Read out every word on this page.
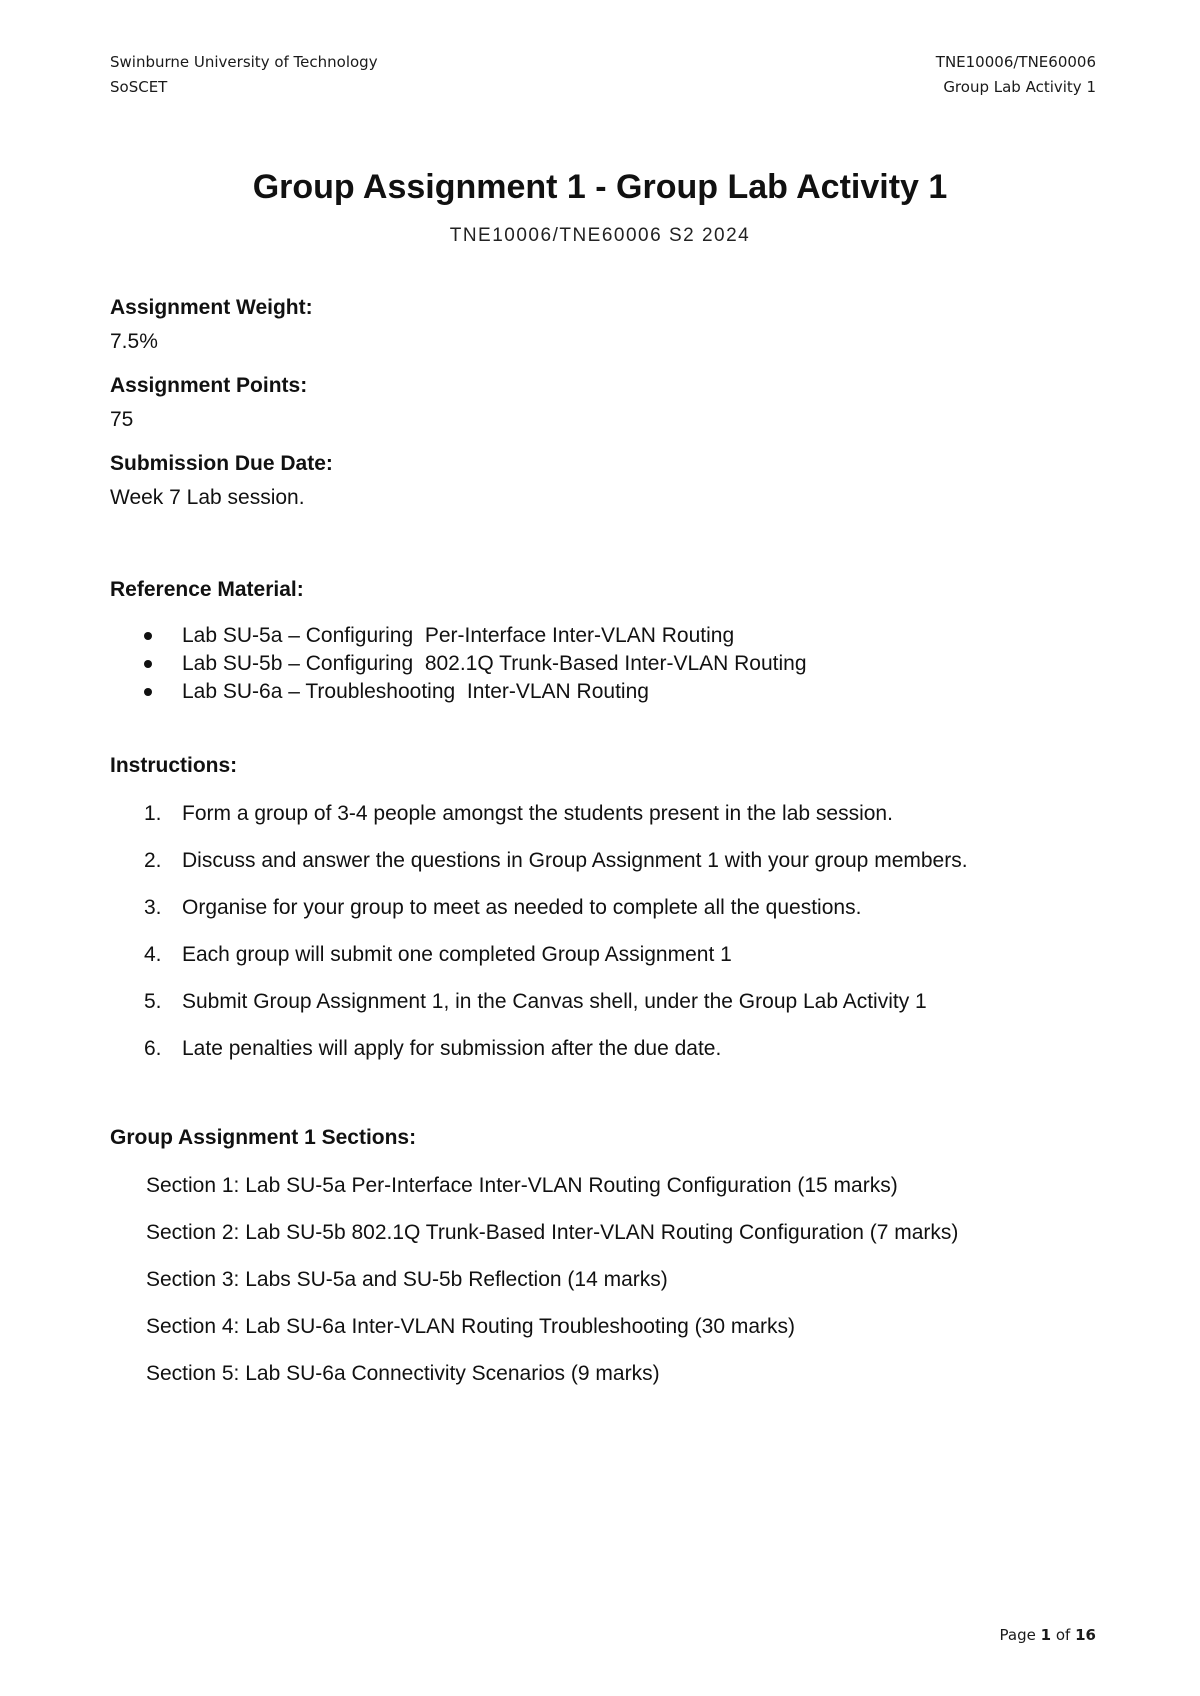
Swinburne University of Technology
SoSCET
TNE10006/TNE60006
Group Lab Activity 1
Group Assignment 1 - Group Lab Activity 1
TNE10006/TNE60006 S2 2024
Assignment Weight:
7.5%
Assignment Points:
75
Submission Due Date:
Week 7 Lab session.
Reference Material:
Lab SU-5a – Configuring  Per-Interface Inter-VLAN Routing
Lab SU-5b – Configuring  802.1Q Trunk-Based Inter-VLAN Routing
Lab SU-6a – Troubleshooting  Inter-VLAN Routing
Instructions:
1. Form a group of 3-4 people amongst the students present in the lab session.
2. Discuss and answer the questions in Group Assignment 1 with your group members.
3. Organise for your group to meet as needed to complete all the questions.
4. Each group will submit one completed Group Assignment 1
5. Submit Group Assignment 1, in the Canvas shell, under the Group Lab Activity 1
6. Late penalties will apply for submission after the due date.
Group Assignment 1 Sections:
Section 1: Lab SU-5a Per-Interface Inter-VLAN Routing Configuration (15 marks)
Section 2: Lab SU-5b 802.1Q Trunk-Based Inter-VLAN Routing Configuration (7 marks)
Section 3: Labs SU-5a and SU-5b Reflection (14 marks)
Section 4: Lab SU-6a Inter-VLAN Routing Troubleshooting (30 marks)
Section 5: Lab SU-6a Connectivity Scenarios (9 marks)
Page 1 of 16
